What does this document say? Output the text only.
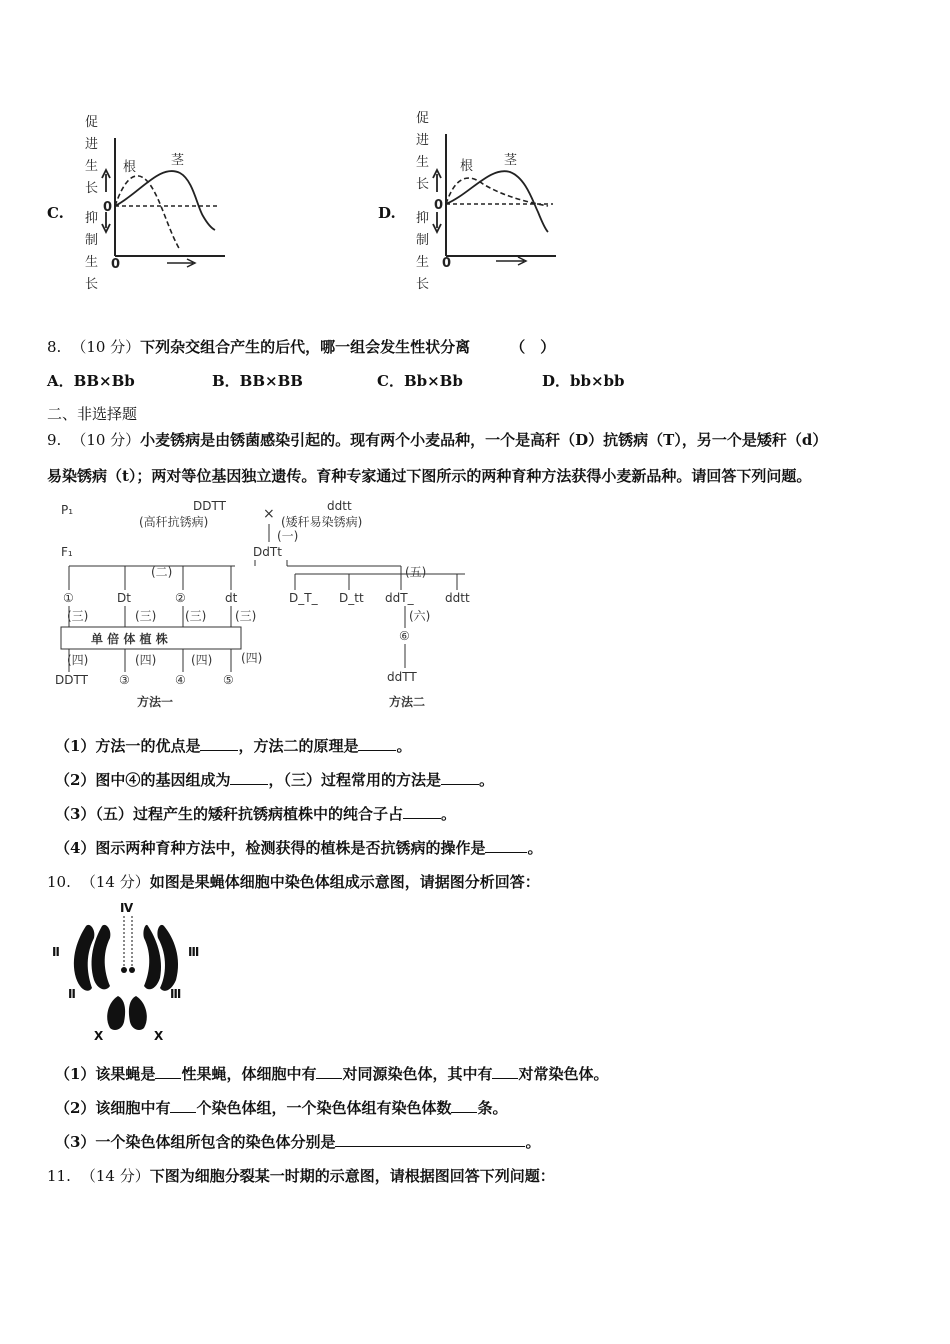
C.
促
进
生
长
抑
制
生
长
0
0
根	茎
D.
促
进
生
长
抑
制
生
长
0
0
根 茎
8. （10 分）下列杂交组合产生的后代，哪一组会发生性状分离	（　）
A．BB×Bb	B．BB×BB	C．Bb×Bb	D．bb×bb
二、非选择题
9. （10 分）小麦锈病是由锈菌感染引起的。现有两个小麦品种，一个是高秆（D）抗锈病（T），另一个是矮秆（d）
易染锈病（t）；两对等位基因独立遗传。育种专家通过下图所示的两种育种方法获得小麦新品种。请回答下列问题。
P₁
F₁
DDTT
(高秆抗锈病)	×	ddtt
(矮秆易染锈病)
(一)
DdTt
(二)	(五)
①	Dt	②	dt
(三)	(三) (三) (三)
单 倍 体 植 株
(四)	(四)	(四) (四)
DDTT	③	④	⑤
方法一
D_T_ D_tt ddT_	ddtt
(六)
⑥
ddTT
方法二
（1）方法一的优点是	，方法二的原理是	。
（2）图中④的基因组成为	，（三）过程常用的方法是	。
（3）（五）过程产生的矮秆抗锈病植株中的纯合子占	。
（4）图示两种育种方法中，检测获得的植株是否抗锈病的操作是	。
10. （14 分）如图是果蝇体细胞中染色体组成示意图，请据图分析回答：
Ⅳ
Ⅱ	Ⅲ
Ⅱ	Ⅲ
X	X
（1）该果蝇是 性果蝇，体细胞中有 对同源染色体，其中有 对常染色体。
（2）该细胞中有 个染色体组，一个染色体组有染色体数 条。
（3）一个染色体组所包含的染色体分别是	。
11. （14 分）下图为细胞分裂某一时期的示意图，请根据图回答下列问题：
